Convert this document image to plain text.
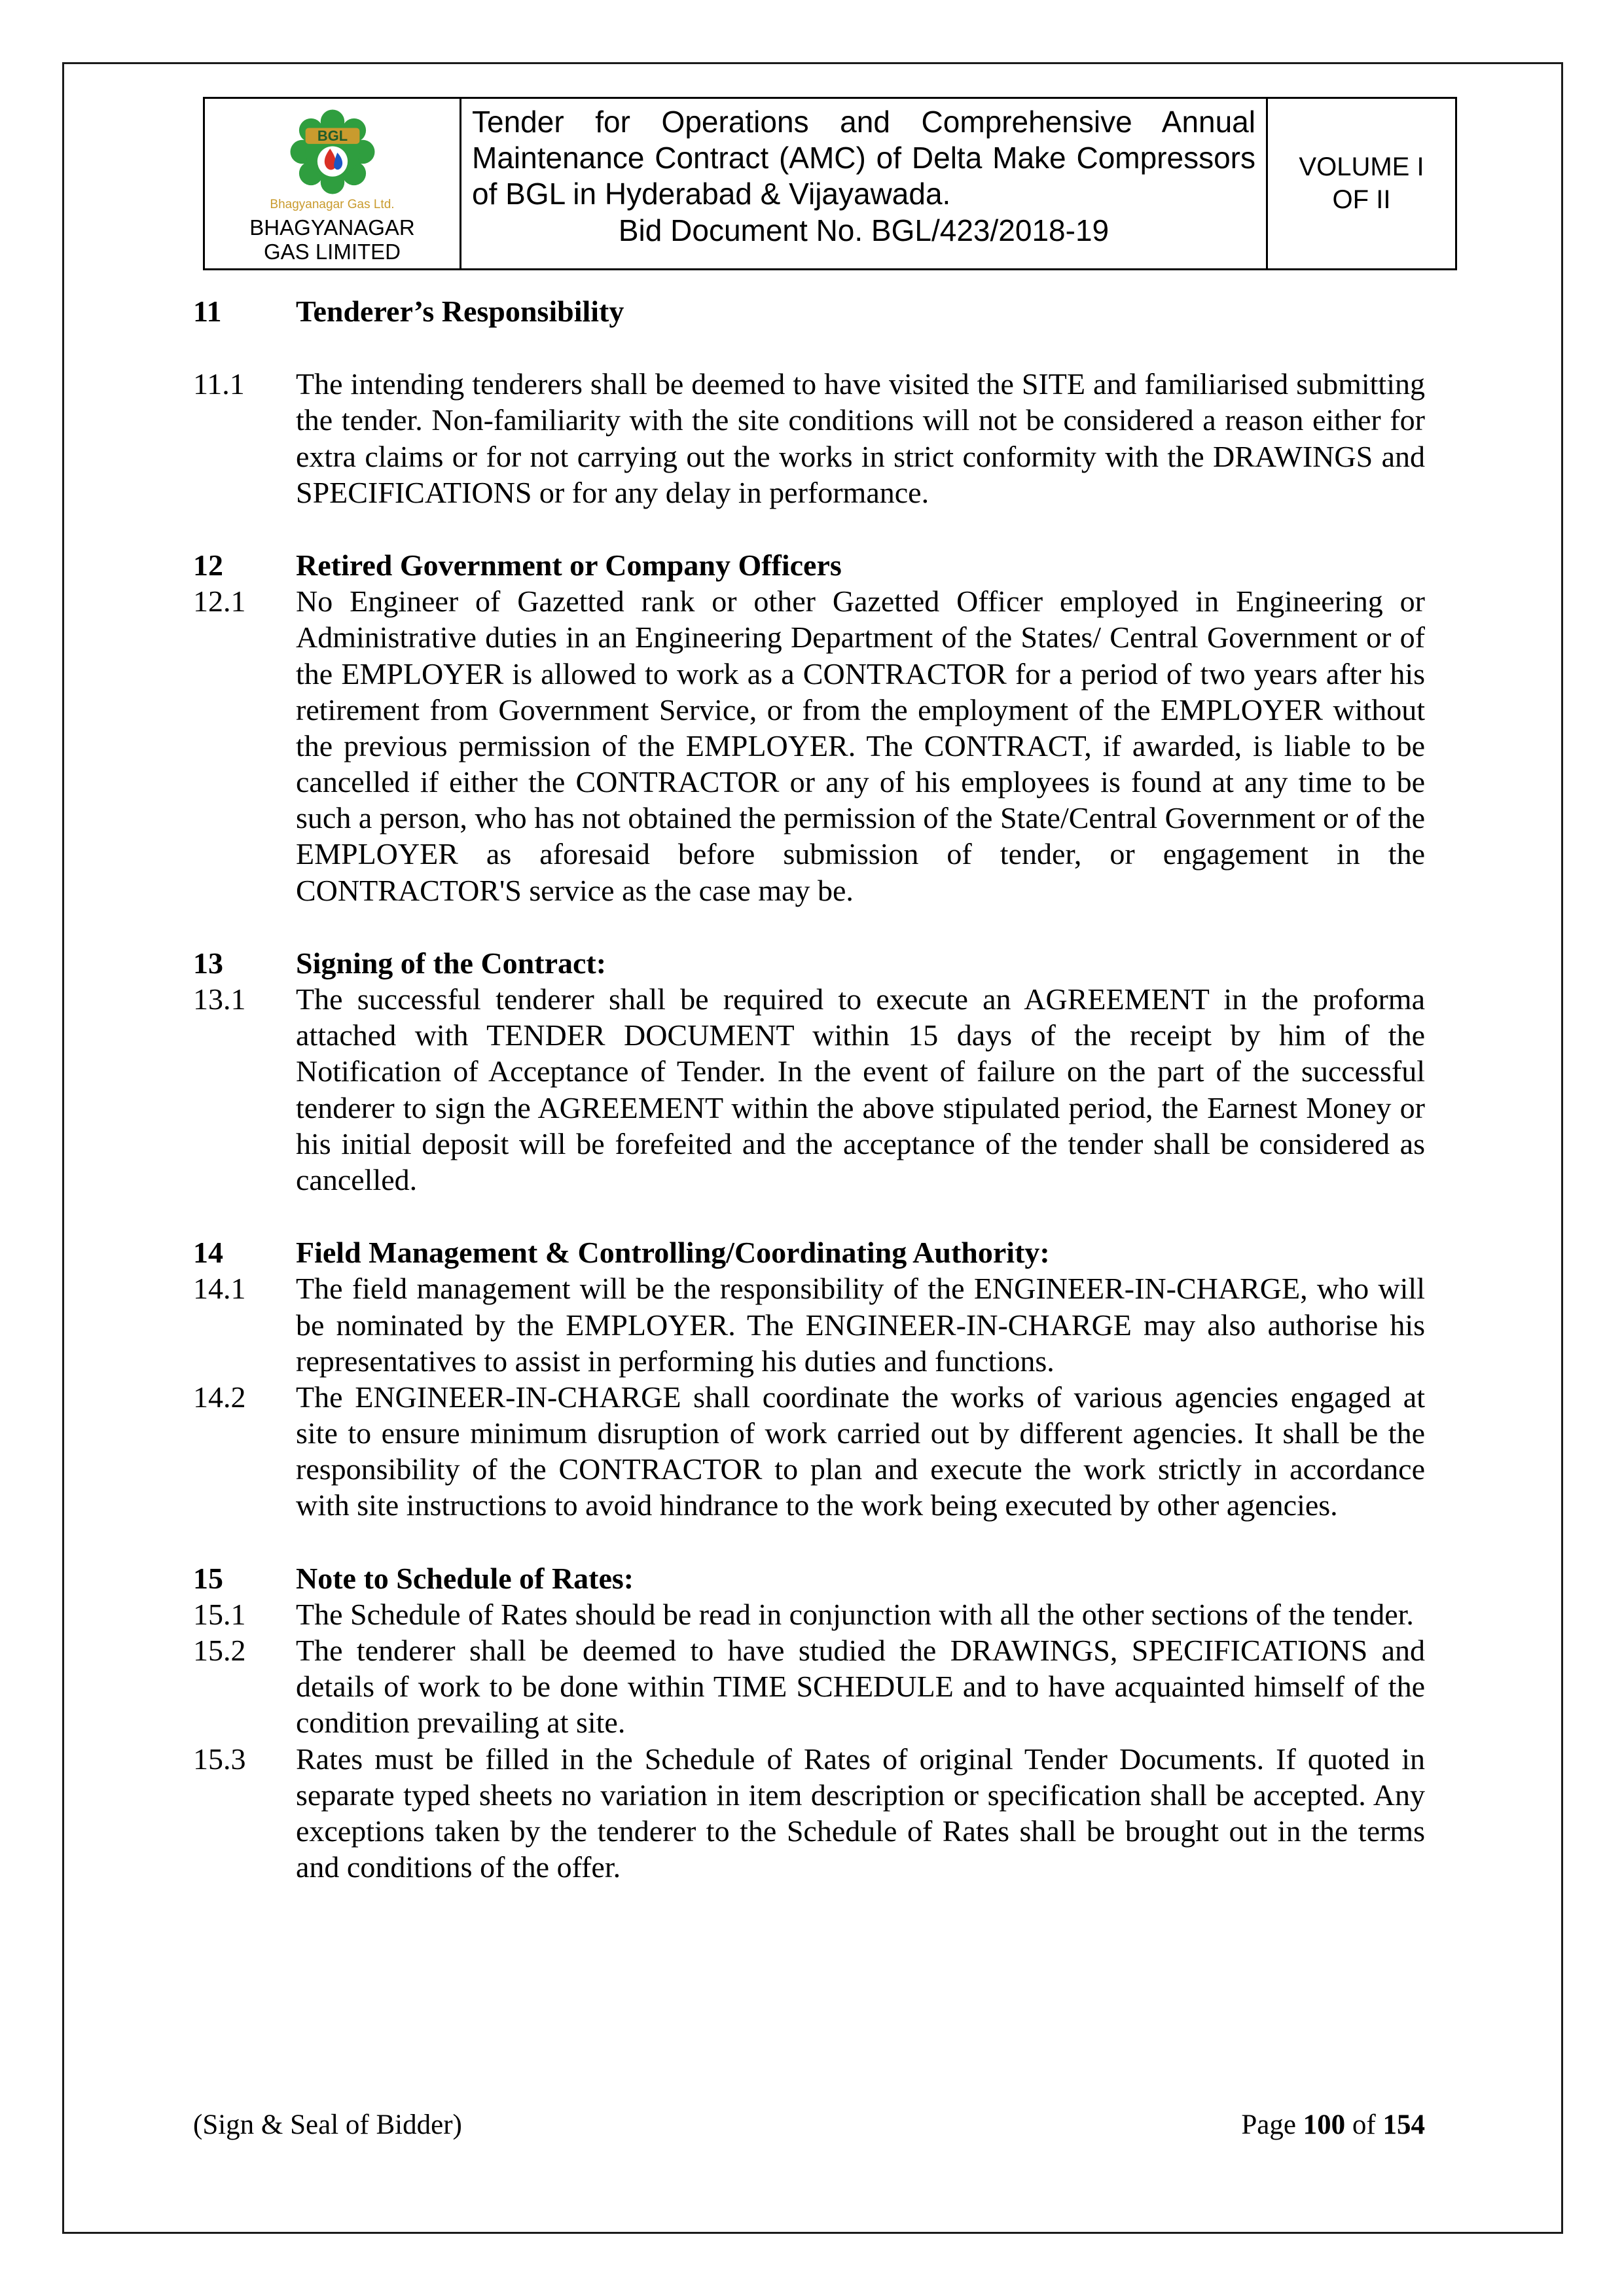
BGL
Bhagyanagar Gas Ltd.
BHAGYANAGAR GAS LIMITED
Tender for Operations and Comprehensive Annual Maintenance Contract (AMC) of Delta Make Compressors of BGL in Hyderabad & Vijayawada.
Bid Document No. BGL/423/2018-19
VOLUME I
OF II
11	Tenderer’s Responsibility
11.1	The intending tenderers shall be deemed to have visited the SITE and familiarised submitting the tender. Non-familiarity with the site conditions will not be considered a reason either for extra claims or for not carrying out the works in strict conformity with the DRAWINGS and SPECIFICATIONS or for any delay in performance.
12	Retired Government or Company Officers
12.1	No Engineer of Gazetted rank or other Gazetted Officer employed in Engineering or Administrative duties in an Engineering Department of the States/ Central Government or of the EMPLOYER is allowed to work as a CONTRACTOR for a period of two years after his retirement from Government Service, or from the employment of the EMPLOYER without the previous permission of the EMPLOYER. The CONTRACT, if awarded, is liable to be cancelled if either the CONTRACTOR or any of his employees is found at any time to be such a person, who has not obtained the permission of the State/Central Government or of the EMPLOYER as aforesaid before submission of tender, or engagement in the CONTRACTOR'S service as the case may be.
13	Signing of the Contract:
13.1	The successful tenderer shall be required to execute an AGREEMENT in the proforma attached with TENDER DOCUMENT within 15 days of the receipt by him of the Notification of Acceptance of Tender. In the event of failure on the part of the successful tenderer to sign the AGREEMENT within the above stipulated period, the Earnest Money or his initial deposit will be forefeited and the acceptance of the tender shall be considered as cancelled.
14	Field Management & Controlling/Coordinating Authority:
14.1	The field management will be the responsibility of the ENGINEER-IN-CHARGE, who will be nominated by the EMPLOYER. The ENGINEER-IN-CHARGE may also authorise his representatives to assist in performing his duties and functions.
14.2	The ENGINEER-IN-CHARGE shall coordinate the works of various agencies engaged at site to ensure minimum disruption of work carried out by different agencies. It shall be the responsibility of the CONTRACTOR to plan and execute the work strictly in accordance with site instructions to avoid hindrance to the work being executed by other agencies.
15	Note to Schedule of Rates:
15.1	The Schedule of Rates should be read in conjunction with all the other sections of the tender.
15.2	The tenderer shall be deemed to have studied the DRAWINGS, SPECIFICATIONS and details of work to be done within TIME SCHEDULE and to have acquainted himself of the condition prevailing at site.
15.3	Rates must be filled in the Schedule of Rates of original Tender Documents. If quoted in separate typed sheets no variation in item description or specification shall be accepted. Any exceptions taken by the tenderer to the Schedule of Rates shall be brought out in the terms and conditions of the offer.
(Sign & Seal of Bidder)	Page 100 of 154
